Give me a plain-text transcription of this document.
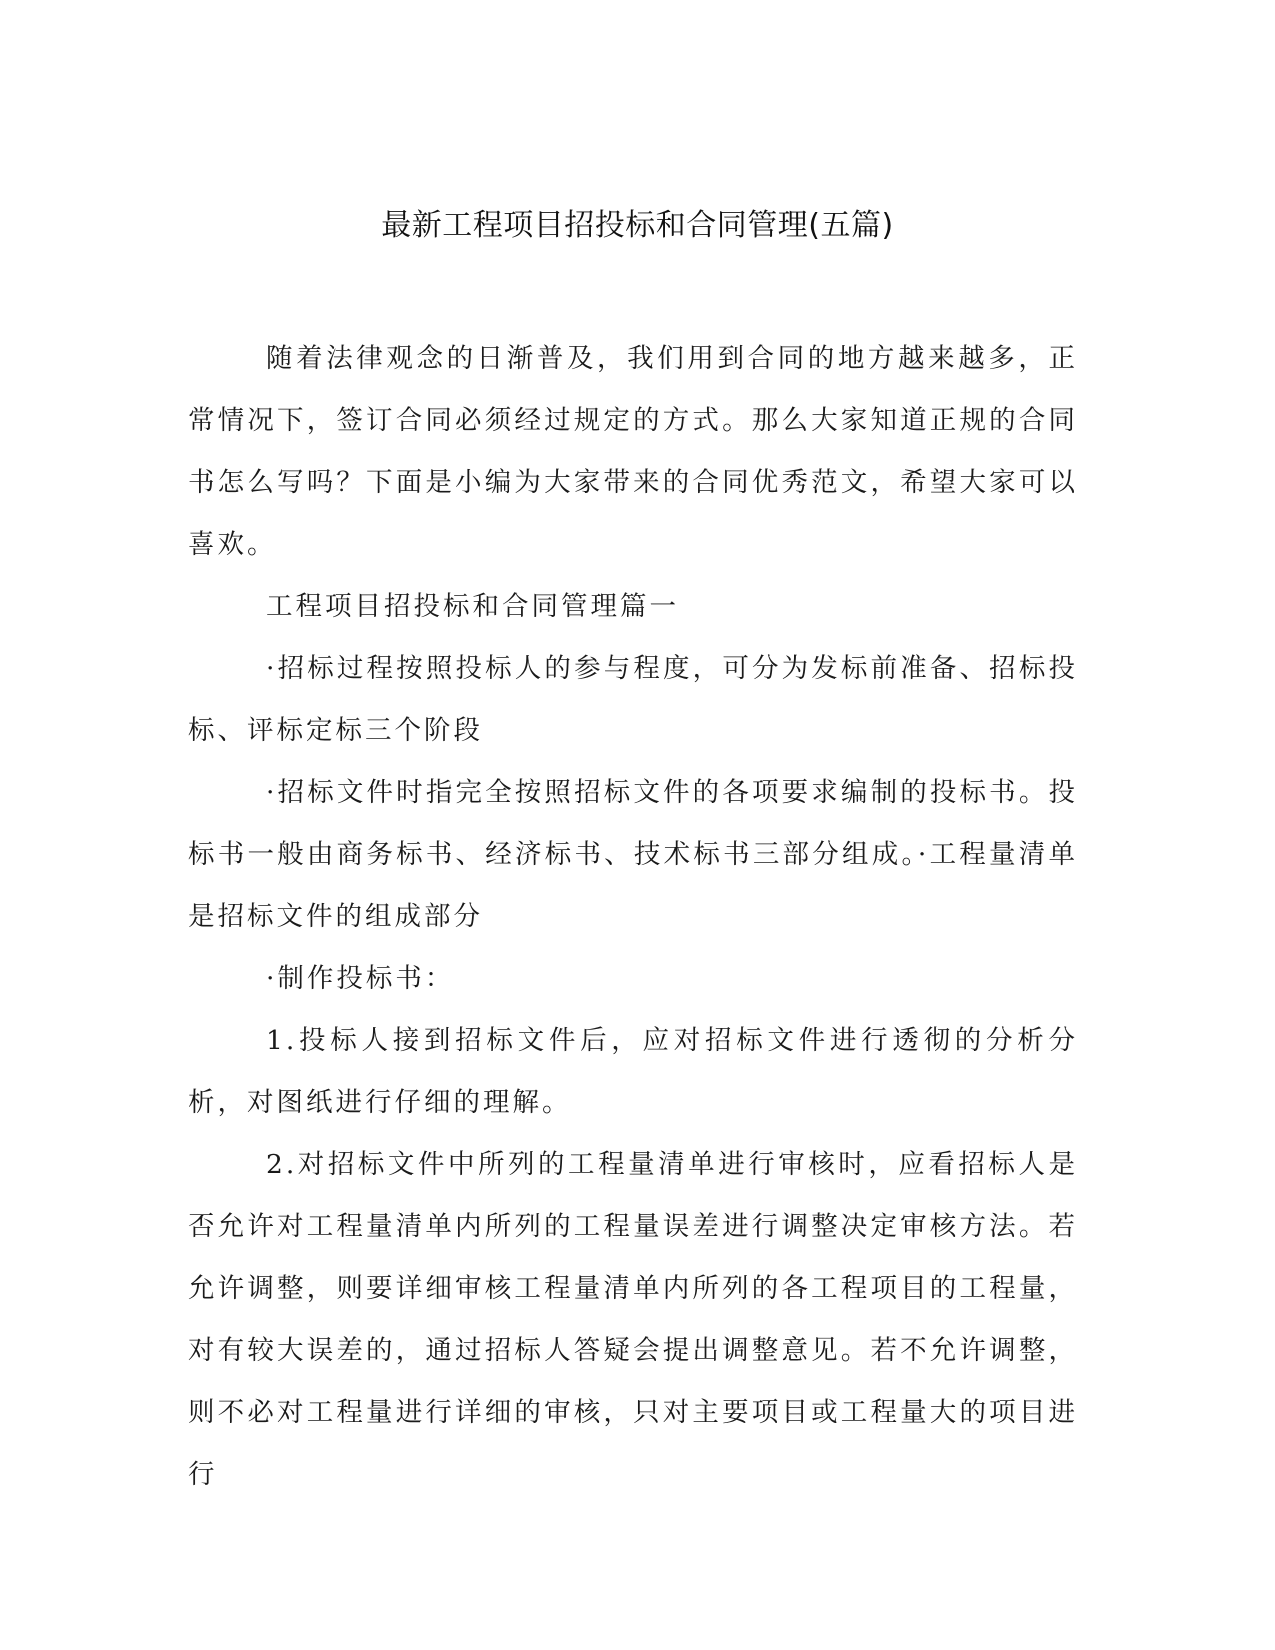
最新工程项目招投标和合同管理(五篇)

随着法律观念的日渐普及，我们用到合同的地方越来越多，正常情况下，签订合同必须经过规定的方式。那么大家知道正规的合同书怎么写吗？下面是小编为大家带来的合同优秀范文，希望大家可以喜欢。

工程项目招投标和合同管理篇一

·招标过程按照投标人的参与程度，可分为发标前准备、招标投标、评标定标三个阶段

·招标文件时指完全按照招标文件的各项要求编制的投标书。投标书一般由商务标书、经济标书、技术标书三部分组成。·工程量清单是招标文件的组成部分

·制作投标书：

1.投标人接到招标文件后，应对招标文件进行透彻的分析分析，对图纸进行仔细的理解。

2.对招标文件中所列的工程量清单进行审核时，应看招标人是否允许对工程量清单内所列的工程量误差进行调整决定审核方法。若允许调整，则要详细审核工程量清单内所列的各工程项目的工程量，对有较大误差的，通过招标人答疑会提出调整意见。若不允许调整，则不必对工程量进行详细的审核，只对主要项目或工程量大的项目进行
